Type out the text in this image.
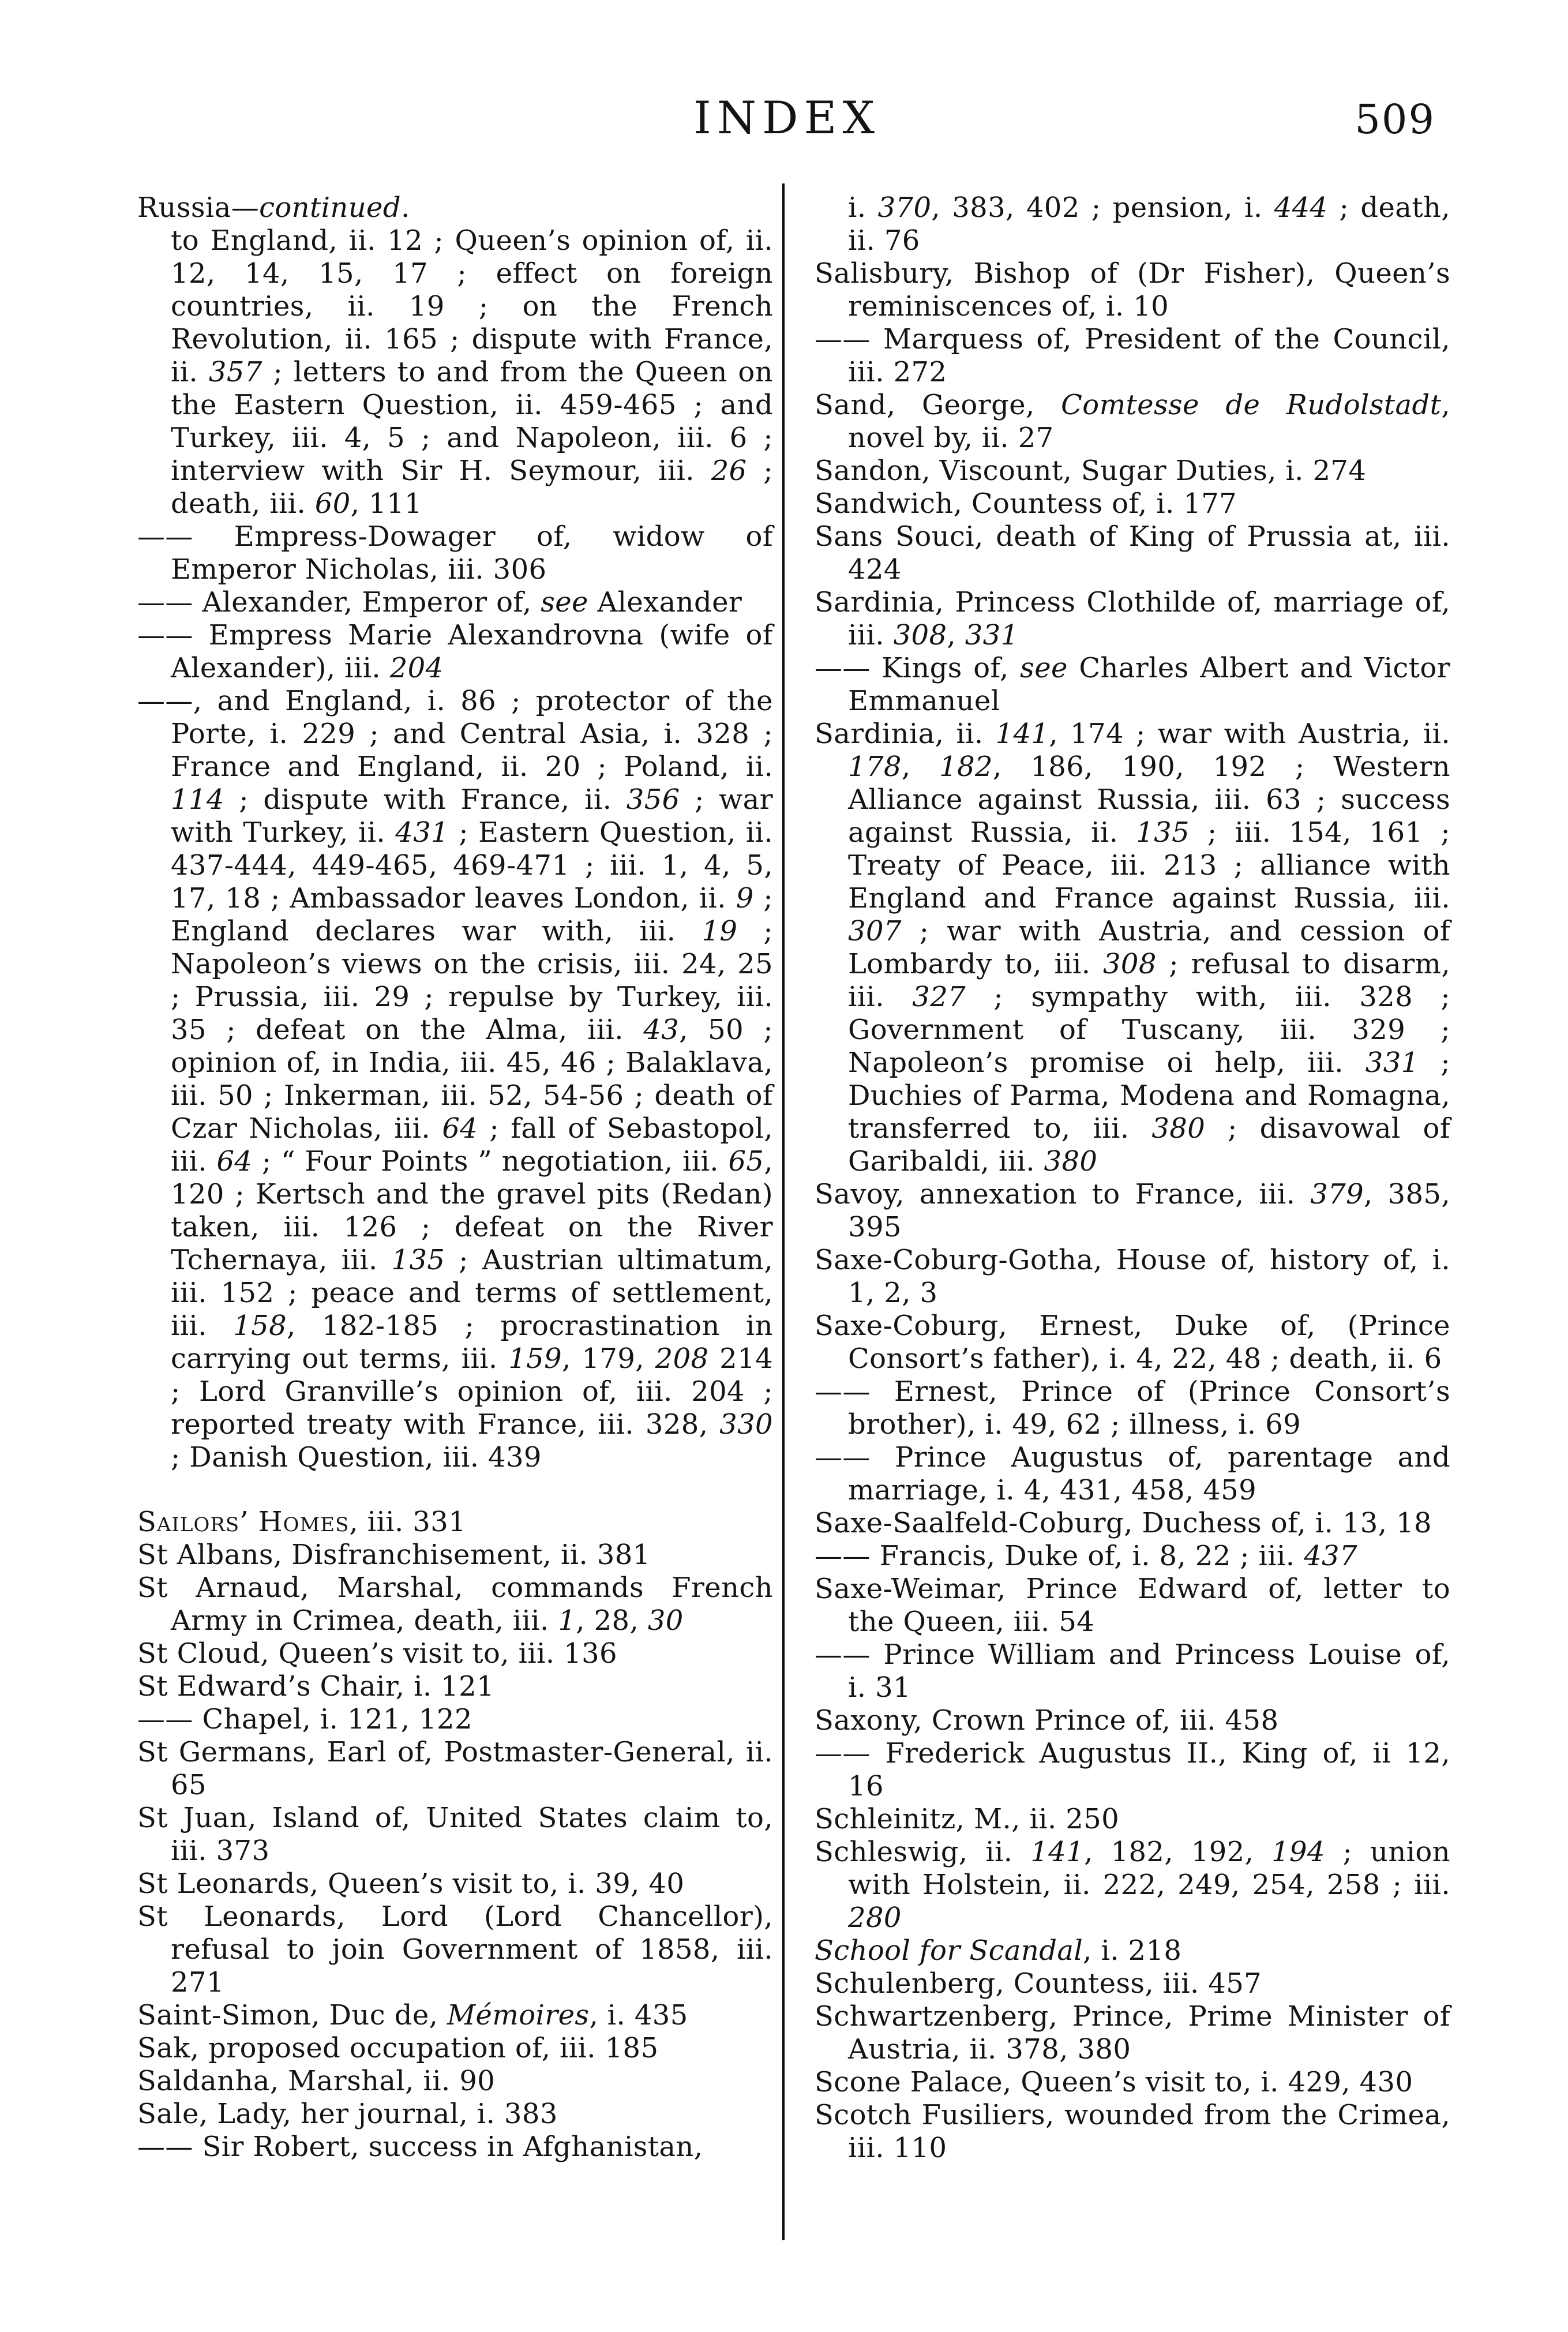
INDEX	509

Russia—continued.

to England, ii. 12 ; Queen’s opinion of, ii. 12, 14, 15, 17 ; effect on foreign countries, ii. 19 ; on the French Revolution, ii. 165 ; dispute with France, ii. 357 ; letters to and from the Queen on the Eastern Question, ii. 459-465 ; and Turkey, iii. 4, 5 ; and Napoleon, iii. 6 ; interview with Sir H. Seymour, iii. 26 ; death, iii. 60, 111

—— Empress-Dowager of, widow of Emperor Nicholas, iii. 306

—— Alexander, Emperor of, see Alexander

—— Empress Marie Alexandrovna (wife of Alexander), iii. 204

——, and England, i. 86 ; protector of the Porte, i. 229 ; and Central Asia, i. 328 ; France and England, ii. 20 ; Poland, ii. 114 ; dispute with France, ii. 356 ; war with Turkey, ii. 431 ; Eastern Question, ii. 437-444, 449-465, 469-471 ; iii. 1, 4, 5, 17, 18 ; Ambassador leaves London, ii. 9 ; England declares war with, iii. 19 ; Napoleon’s views on the crisis, iii. 24, 25 ; Prussia, iii. 29 ; repulse by Turkey, iii. 35 ; defeat on the Alma, iii. 43, 50 ; opinion of, in India, iii. 45, 46 ; Balaklava, iii. 50 ; Inkerman, iii. 52, 54-56 ; death of Czar Nicholas, iii. 64 ; fall of Sebastopol, iii. 64 ; “ Four Points ” negotiation, iii. 65, 120 ; Kertsch and the gravel pits (Redan) taken, iii. 126 ; defeat on the River Tchernaya, iii. 135 ; Austrian ultimatum, iii. 152 ; peace and terms of settlement, iii. 158, 182-185 ; procrastination in carrying out terms, iii. 159, 179, 208 214 ; Lord Granville’s opinion of, iii. 204 ; reported treaty with France, iii. 328, 330 ; Danish Question, iii. 439

Sailors’ Homes, iii. 331

St Albans, Disfranchisement, ii. 381

St Arnaud, Marshal, commands French Army in Crimea, death, iii. 1, 28, 30

St Cloud, Queen’s visit to, iii. 136

St Edward’s Chair, i. 121

—— Chapel, i. 121, 122

St Germans, Earl of, Postmaster-General, ii. 65

St Juan, Island of, United States claim to, iii. 373

St Leonards, Queen’s visit to, i. 39, 40

St Leonards, Lord (Lord Chancellor), refusal to join Government of 1858, iii. 271

Saint-Simon, Duc de, Mémoires, i. 435

Sak, proposed occupation of, iii. 185

Saldanha, Marshal, ii. 90

Sale, Lady, her journal, i. 383

—— Sir Robert, success in Afghanistan,

i. 370, 383, 402 ; pension, i. 444 ; death, ii. 76

Salisbury, Bishop of (Dr Fisher), Queen’s reminiscences of, i. 10

—— Marquess of, President of the Council, iii. 272

Sand, George, Comtesse de Rudolstadt, novel by, ii. 27

Sandon, Viscount, Sugar Duties, i. 274

Sandwich, Countess of, i. 177

Sans Souci, death of King of Prussia at, iii. 424

Sardinia, Princess Clothilde of, marriage of, iii. 308, 331

—— Kings of, see Charles Albert and Victor Emmanuel

Sardinia, ii. 141, 174 ; war with Austria, ii. 178, 182, 186, 190, 192 ; Western Alliance against Russia, iii. 63 ; success against Russia, ii. 135 ; iii. 154, 161 ; Treaty of Peace, iii. 213 ; alliance with England and France against Russia, iii. 307 ; war with Austria, and cession of Lombardy to, iii. 308 ; refusal to disarm, iii. 327 ; sympathy with, iii. 328 ; Government of Tuscany, iii. 329 ; Napoleon’s promise oi help, iii. 331 ; Duchies of Parma, Modena and Romagna, transferred to, iii. 380 ; disavowal of Garibaldi, iii. 380

Savoy, annexation to France, iii. 379, 385, 395

Saxe-Coburg-Gotha, House of, history of, i. 1, 2, 3

Saxe-Coburg, Ernest, Duke of, (Prince Consort’s father), i. 4, 22, 48 ; death, ii. 6

—— Ernest, Prince of (Prince Consort’s brother), i. 49, 62 ; illness, i. 69

—— Prince Augustus of, parentage and marriage, i. 4, 431, 458, 459

Saxe-Saalfeld-Coburg, Duchess of, i. 13, 18

—— Francis, Duke of, i. 8, 22 ; iii. 437

Saxe-Weimar, Prince Edward of, letter to the Queen, iii. 54

—— Prince William and Princess Louise of, i. 31

Saxony, Crown Prince of, iii. 458

—— Frederick Augustus II., King of, ii 12, 16

Schleinitz, M., ii. 250

Schleswig, ii. 141, 182, 192, 194 ; union with Holstein, ii. 222, 249, 254, 258 ; iii. 280

School for Scandal, i. 218

Schulenberg, Countess, iii. 457

Schwartzenberg, Prince, Prime Minister of Austria, ii. 378, 380

Scone Palace, Queen’s visit to, i. 429, 430

Scotch Fusiliers, wounded from the Crimea, iii. 110
